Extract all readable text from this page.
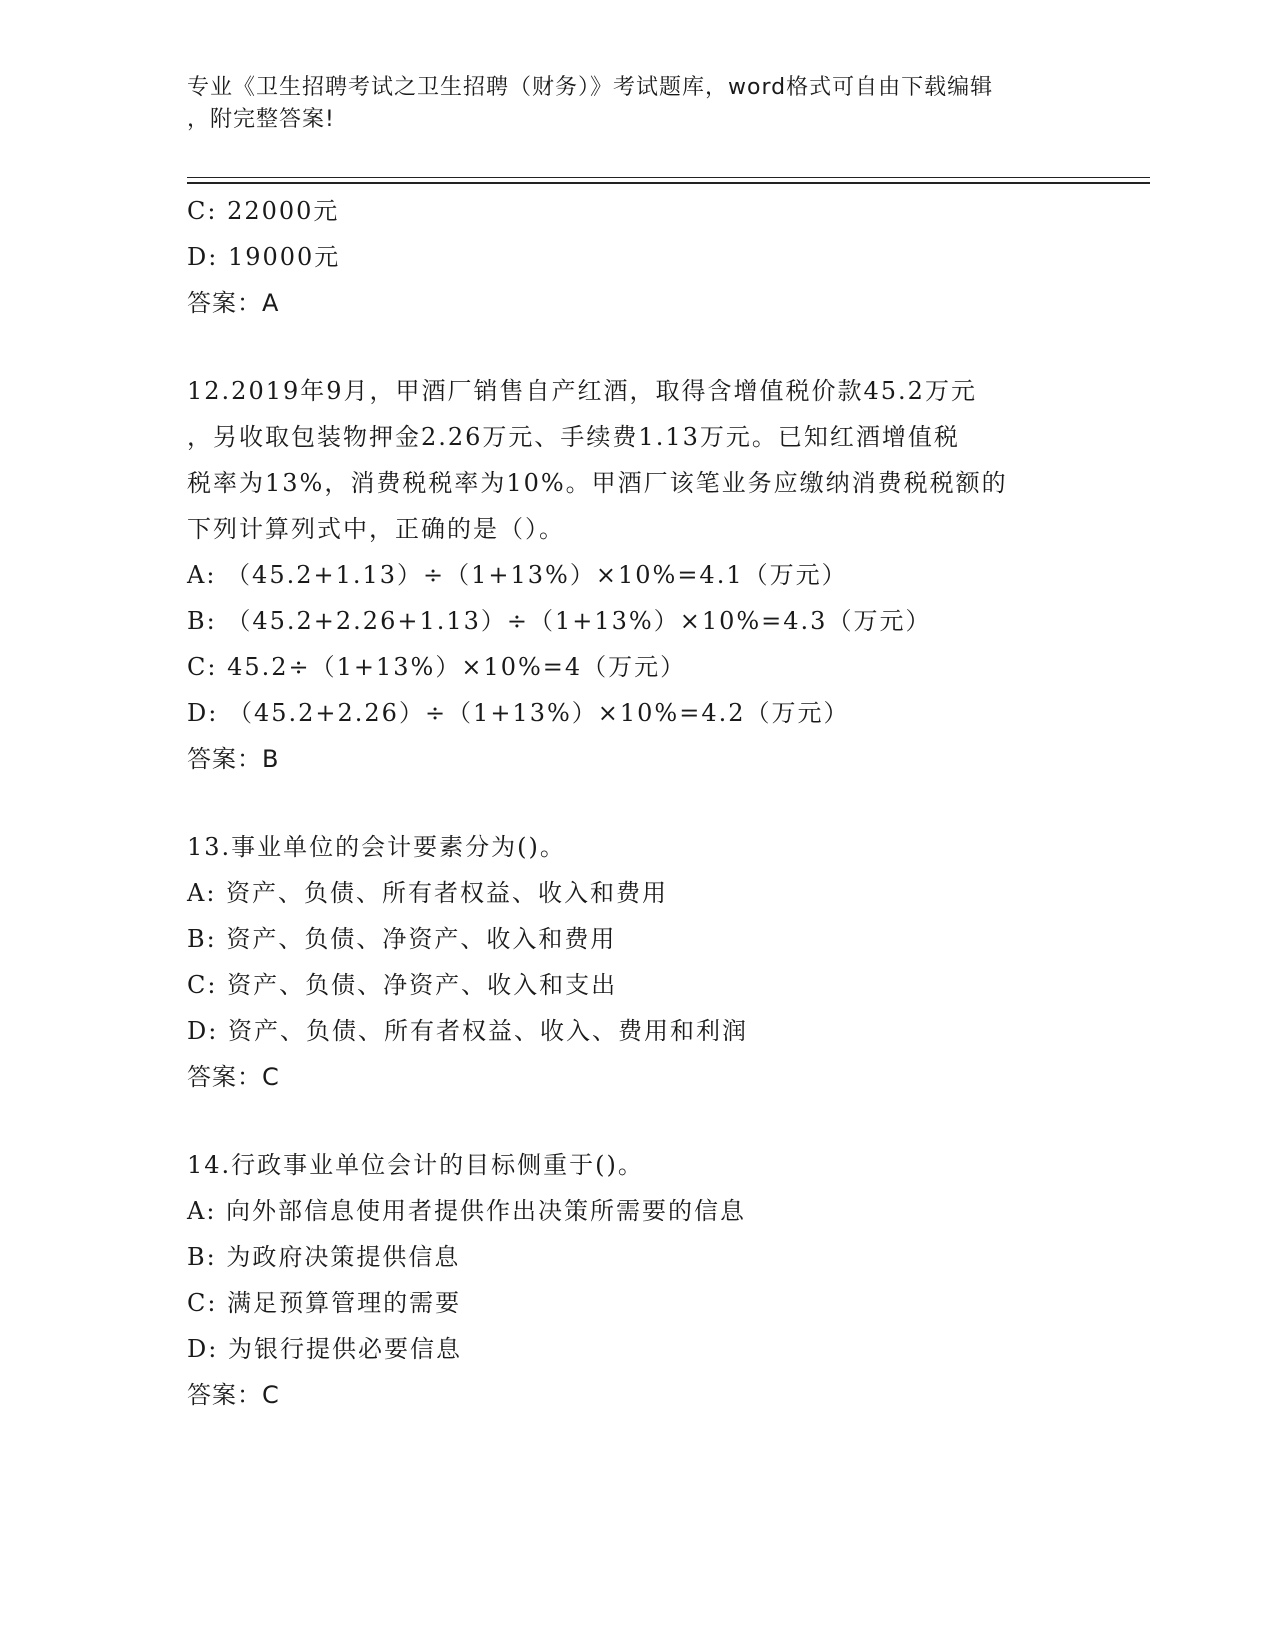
专业《卫生招聘考试之卫生招聘（财务）》考试题库，word格式可自由下载编辑
，附完整答案!
C: 22000元
D: 19000元
答案：A
12.2019年9月，甲酒厂销售自产红酒，取得含增值税价款45.2万元
，另收取包装物押金2.26万元、手续费1.13万元。已知红酒增值税
税率为13%，消费税税率为10%。甲酒厂该笔业务应缴纳消费税税额的
下列计算列式中，正确的是（）。
A: （45.2+1.13）÷（1+13%）×10%=4.1（万元）
B: （45.2+2.26+1.13）÷（1+13%）×10%=4.3（万元）
C: 45.2÷（1+13%）×10%=4（万元）
D: （45.2+2.26）÷（1+13%）×10%=4.2（万元）
答案：B
13.事业单位的会计要素分为()。
A: 资产、负债、所有者权益、收入和费用
B: 资产、负债、净资产、收入和费用
C: 资产、负债、净资产、收入和支出
D: 资产、负债、所有者权益、收入、费用和利润
答案：C
14.行政事业单位会计的目标侧重于()。
A: 向外部信息使用者提供作出决策所需要的信息
B: 为政府决策提供信息
C: 满足预算管理的需要
D: 为银行提供必要信息
答案：C
